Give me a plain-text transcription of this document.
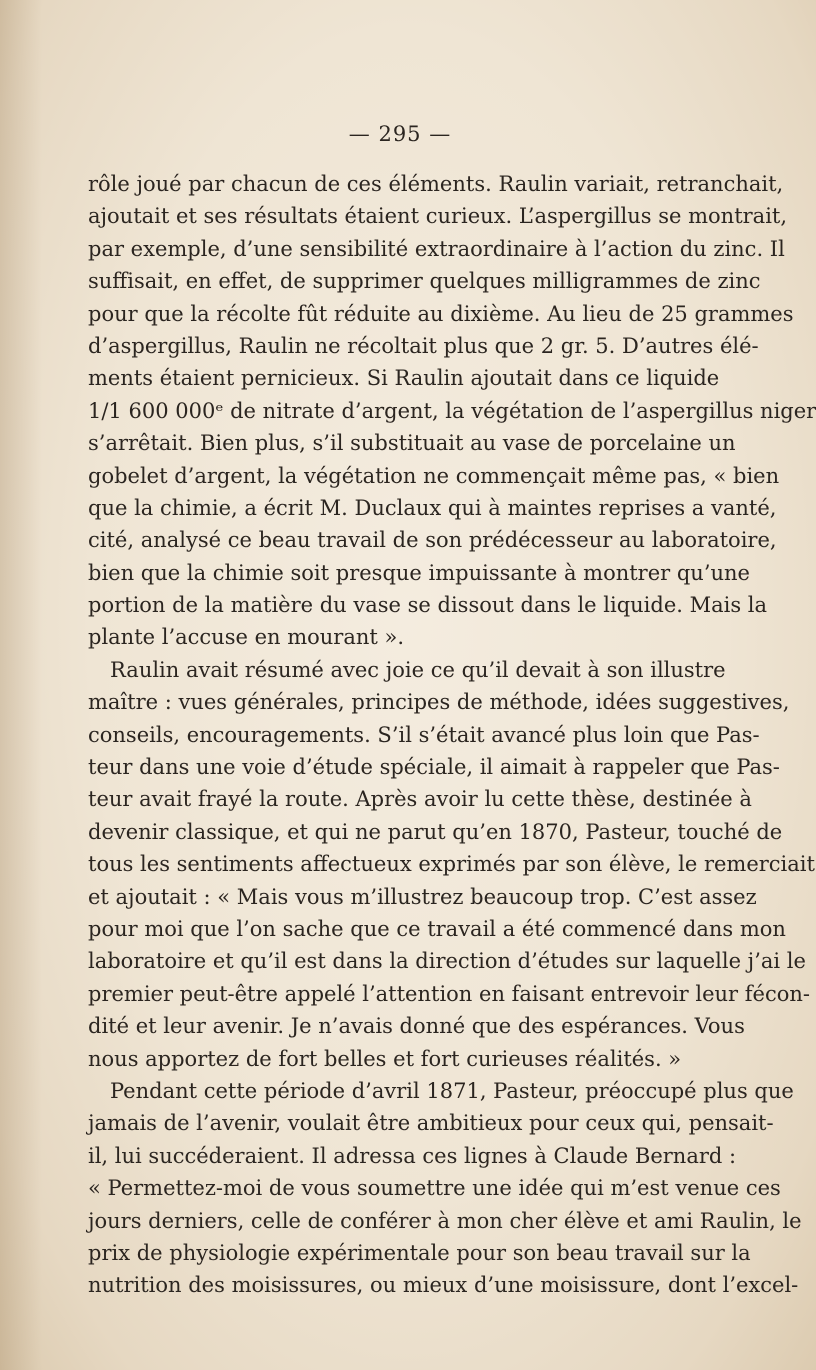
— 295 —
rôle joué par chacun de ces éléments. Raulin variait, retranchait,
ajoutait et ses résultats étaient curieux. L’aspergillus se montrait,
par exemple, d’une sensibilité extraordinaire à l’action du zinc. Il
suffisait, en effet, de supprimer quelques milligrammes de zinc
pour que la récolte fût réduite au dixième. Au lieu de 25 grammes
d’aspergillus, Raulin ne récoltait plus que 2 gr. 5. D’autres élé-
ments étaient pernicieux. Si Raulin ajoutait dans ce liquide
1/1 600 000ᵉ de nitrate d’argent, la végétation de l’aspergillus niger
s’arrêtait. Bien plus, s’il substituait au vase de porcelaine un
gobelet d’argent, la végétation ne commençait même pas, « bien
que la chimie, a écrit M. Duclaux qui à maintes reprises a vanté,
cité, analysé ce beau travail de son prédécesseur au laboratoire,
bien que la chimie soit presque impuissante à montrer qu’une
portion de la matière du vase se dissout dans le liquide. Mais la
plante l’accuse en mourant ».
Raulin avait résumé avec joie ce qu’il devait à son illustre
maître : vues générales, principes de méthode, idées suggestives,
conseils, encouragements. S’il s’était avancé plus loin que Pas-
teur dans une voie d’étude spéciale, il aimait à rappeler que Pas-
teur avait frayé la route. Après avoir lu cette thèse, destinée à
devenir classique, et qui ne parut qu’en 1870, Pasteur, touché de
tous les sentiments affectueux exprimés par son élève, le remerciait
et ajoutait : « Mais vous m’illustrez beaucoup trop. C’est assez
pour moi que l’on sache que ce travail a été commencé dans mon
laboratoire et qu’il est dans la direction d’études sur laquelle j’ai le
premier peut-être appelé l’attention en faisant entrevoir leur fécon-
dité et leur avenir. Je n’avais donné que des espérances. Vous
nous apportez de fort belles et fort curieuses réalités. »
Pendant cette période d’avril 1871, Pasteur, préoccupé plus que
jamais de l’avenir, voulait être ambitieux pour ceux qui, pensait-
il, lui succéderaient. Il adressa ces lignes à Claude Bernard :
« Permettez-moi de vous soumettre une idée qui m’est venue ces
jours derniers, celle de conférer à mon cher élève et ami Raulin, le
prix de physiologie expérimentale pour son beau travail sur la
nutrition des moisissures, ou mieux d’une moisissure, dont l’excel-
